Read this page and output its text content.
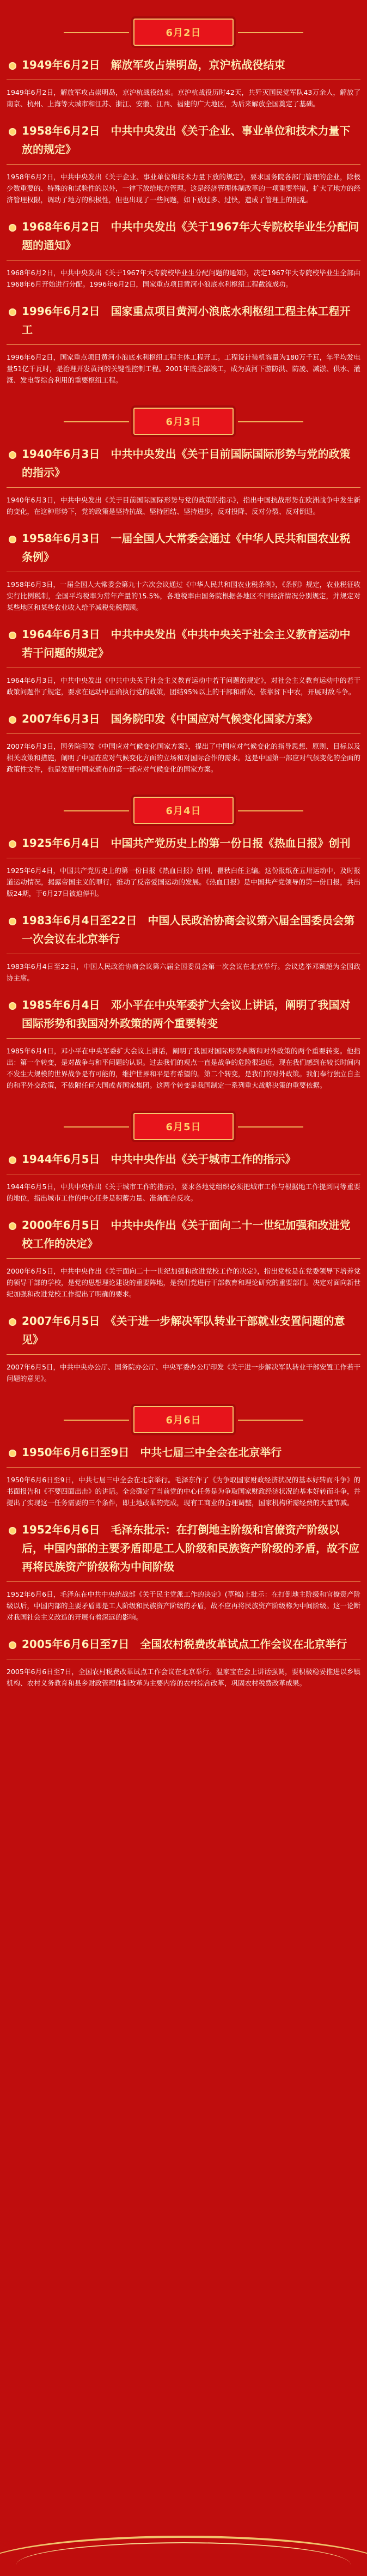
6月2日
1949年6月2日　解放军攻占崇明岛，京沪杭战役结束
1949年6月2日，解放军攻占崇明岛，京沪杭战役结束。京沪杭战役历时42天，共歼灭国民党军队43万余人，解放了南京、杭州、上海等大城市和江苏、浙江、安徽、江西、福建的广大地区，为后来解放全国奠定了基础。
1958年6月2日　中共中央发出《关于企业、事业单位和技术力量下放的规定》
1958年6月2日，中共中央发出《关于企业、事业单位和技术力量下放的规定》，要求国务院各部门管理的企业，除极少数重要的、特殊的和试验性的以外，一律下放给地方管理。这是经济管理体制改革的一项重要举措，扩大了地方的经济管理权限，调动了地方的积极性，但也出现了一些问题，如下放过多、过快，造成了管理上的混乱。
1968年6月2日　中共中央发出《关于1967年大专院校毕业生分配问题的通知》
1968年6月2日，中共中央发出《关于1967年大专院校毕业生分配问题的通知》，决定1967年大专院校毕业生全部由1968年6月开始进行分配。1996年6月2日，国家重点项目黄河小浪底水利枢纽工程截流成功。
1996年6月2日　国家重点项目黄河小浪底水利枢纽工程主体工程开工
1996年6月2日，国家重点项目黄河小浪底水利枢纽工程主体工程开工。工程设计装机容量为180万千瓦，年平均发电量51亿千瓦时，是治理开发黄河的关键性控制工程。2001年底全部竣工，成为黄河下游防洪、防凌、减淤、供水、灌溉、发电等综合利用的重要枢纽工程。
6月3日
1940年6月3日　中共中央发出《关于目前国际国际形势与党的政策的指示》
1940年6月3日，中共中央发出《关于目前国际国际形势与党的政策的指示》，指出中国抗战形势在欧洲战争中发生新的变化，在这种形势下，党的政策是坚持抗战、坚持团结、坚持进步，反对投降、反对分裂、反对倒退。
1958年6月3日　一届全国人大常委会通过《中华人民共和国农业税条例》
1958年6月3日，一届全国人大常委会第九十六次会议通过《中华人民共和国农业税条例》，《条例》规定，农业税征收实行比例税制，全国平均税率为常年产量的15.5%，各地税率由国务院根据各地区不同经济情况分别规定，并规定对某些地区和某些农业收入给予减税免税照顾。
1964年6月3日　中共中央发出《中共中央关于社会主义教育运动中若干问题的规定》
1964年6月3日，中共中央发出《中共中央关于社会主义教育运动中若干问题的规定》，对社会主义教育运动中的若干政策问题作了规定，要求在运动中正确执行党的政策，团结95%以上的干部和群众，依靠贫下中农，开展对敌斗争。
2007年6月3日　国务院印发《中国应对气候变化国家方案》
2007年6月3日，国务院印发《中国应对气候变化国家方案》，提出了中国应对气候变化的指导思想、原则、目标以及相关政策和措施，阐明了中国在应对气候变化方面的立场和对国际合作的需求。这是中国第一部应对气候变化的全面的政策性文件，也是发展中国家颁布的第一部应对气候变化的国家方案。
6月4日
1925年6月4日　中国共产党历史上的第一份日报《热血日报》创刊
1925年6月4日，中国共产党历史上的第一份日报《热血日报》创刊，瞿秋白任主编。这份报纸在五卅运动中，及时报道运动情况，揭露帝国主义的罪行，推动了反帝爱国运动的发展。《热血日报》是中国共产党领导的第一份日报，共出版24期，于6月27日被迫停刊。
1983年6月4日至22日　中国人民政治协商会议第六届全国委员会第一次会议在北京举行
1983年6月4日至22日，中国人民政治协商会议第六届全国委员会第一次会议在北京举行。会议选举邓颖超为全国政协主席。
1985年6月4日　邓小平在中央军委扩大会议上讲话，阐明了我国对国际形势和我国对外政策的两个重要转变
1985年6月4日，邓小平在中央军委扩大会议上讲话，阐明了我国对国际形势判断和对外政策的两个重要转变。他指出：第一个转变，是对战争与和平问题的认识。过去我们的观点一直是战争的危险很迫近，现在我们感到在较长时间内不发生大规模的世界战争是有可能的，维护世界和平是有希望的。第二个转变，是我们的对外政策。我们奉行独立自主的和平外交政策，不依附任何大国或者国家集团。这两个转变是我国制定一系列重大战略决策的重要依据。
6月5日
1944年6月5日　中共中央作出《关于城市工作的指示》
1944年6月5日，中共中央作出《关于城市工作的指示》，要求各地党组织必须把城市工作与根据地工作提到同等重要的地位，指出城市工作的中心任务是积蓄力量、准备配合反攻。
2000年6月5日　中共中央作出《关于面向二十一世纪加强和改进党校工作的决定》
2000年6月5日，中共中央作出《关于面向二十一世纪加强和改进党校工作的决定》，指出党校是在党委领导下培养党的领导干部的学校，是党的思想理论建设的重要阵地，是我们党进行干部教育和理论研究的重要部门。决定对面向新世纪加强和改进党校工作提出了明确的要求。
2007年6月5日　《关于进一步解决军队转业干部就业安置问题的意见》
2007年6月5日，中共中央办公厅、国务院办公厅、中央军委办公厅印发《关于进一步解决军队转业干部安置工作若干问题的意见》。
6月6日
1950年6月6日至9日　中共七届三中全会在北京举行
1950年6月6日至9日，中共七届三中全会在北京举行。毛泽东作了《为争取国家财政经济状况的基本好转而斗争》的书面报告和《不要四面出击》的讲话。全会确定了当前党的中心任务是为争取国家财政经济状况的基本好转而斗争，并提出了实现这一任务需要的三个条件，即土地改革的完成，现有工商业的合理调整，国家机构所需经费的大量节减。
1952年6月6日　毛泽东批示：在打倒地主阶级和官僚资产阶级以后，中国内部的主要矛盾即是工人阶级和民族资产阶级的矛盾，故不应再将民族资产阶级称为中间阶级
1952年6月6日，毛泽东在中共中央统战部《关于民主党派工作的决定》(草稿)上批示：在打倒地主阶级和官僚资产阶级以后，中国内部的主要矛盾即是工人阶级和民族资产阶级的矛盾，故不应再将民族资产阶级称为中间阶级。这一论断对我国社会主义改造的开展有着深远的影响。
2005年6月6日至7日　全国农村税费改革试点工作会议在北京举行
2005年6月6日至7日，全国农村税费改革试点工作会议在北京举行。温家宝在会上讲话强调，要积极稳妥推进以乡镇机构、农村义务教育和县乡财政管理体制改革为主要内容的农村综合改革，巩固农村税费改革成果。
